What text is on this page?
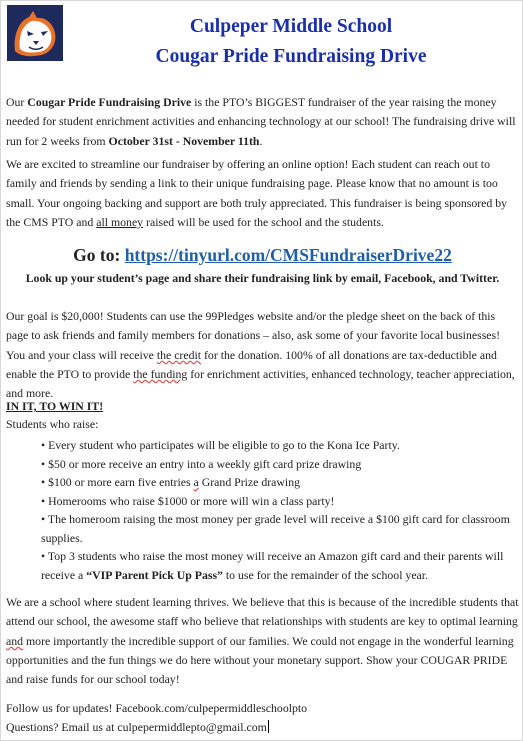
Culpeper Middle School
Cougar Pride Fundraising Drive

Our Cougar Pride Fundraising Drive is the PTO’s BIGGEST fundraiser of the year raising the money needed for student enrichment activities and enhancing technology at our school! The fundraising drive will run for 2 weeks from October 31st - November 11th.

We are excited to streamline our fundraiser by offering an online option! Each student can reach out to family and friends by sending a link to their unique fundraising page. Please know that no amount is too small. Your ongoing backing and support are both truly appreciated. This fundraiser is being sponsored by the CMS PTO and all money raised will be used for the school and the students.

Go to: https://tinyurl.com/CMSFundraiserDrive22
Look up your student’s page and share their fundraising link by email, Facebook, and Twitter.

Our goal is $20,000! Students can use the 99Pledges website and/or the pledge sheet on the back of this page to ask friends and family members for donations – also, ask some of your favorite local businesses! You and your class will receive the credit for the donation. 100% of all donations are tax-deductible and enable the PTO to provide the funding for enrichment activities, enhanced technology, teacher appreciation, and more.

IN IT, TO WIN IT!
Students who raise:
• Every student who participates will be eligible to go to the Kona Ice Party.
• $50 or more receive an entry into a weekly gift card prize drawing
• $100 or more earn five entries a Grand Prize drawing
• Homerooms who raise $1000 or more will win a class party!
• The homeroom raising the most money per grade level will receive a $100 gift card for classroom
supplies.
• Top 3 students who raise the most money will receive an Amazon gift card and their parents will
receive a “VIP Parent Pick Up Pass” to use for the remainder of the school year.

We are a school where student learning thrives. We believe that this is because of the incredible students that attend our school, the awesome staff who believe that relationships with students are key to optimal learning and more importantly the incredible support of our families. We could not engage in the wonderful learning opportunities and the fun things we do here without your monetary support. Show your COUGAR PRIDE and raise funds for our school today!

Follow us for updates! Facebook.com/culpepermiddleschoolpto
Questions? Email us at culpepermiddlepto@gmail.com
